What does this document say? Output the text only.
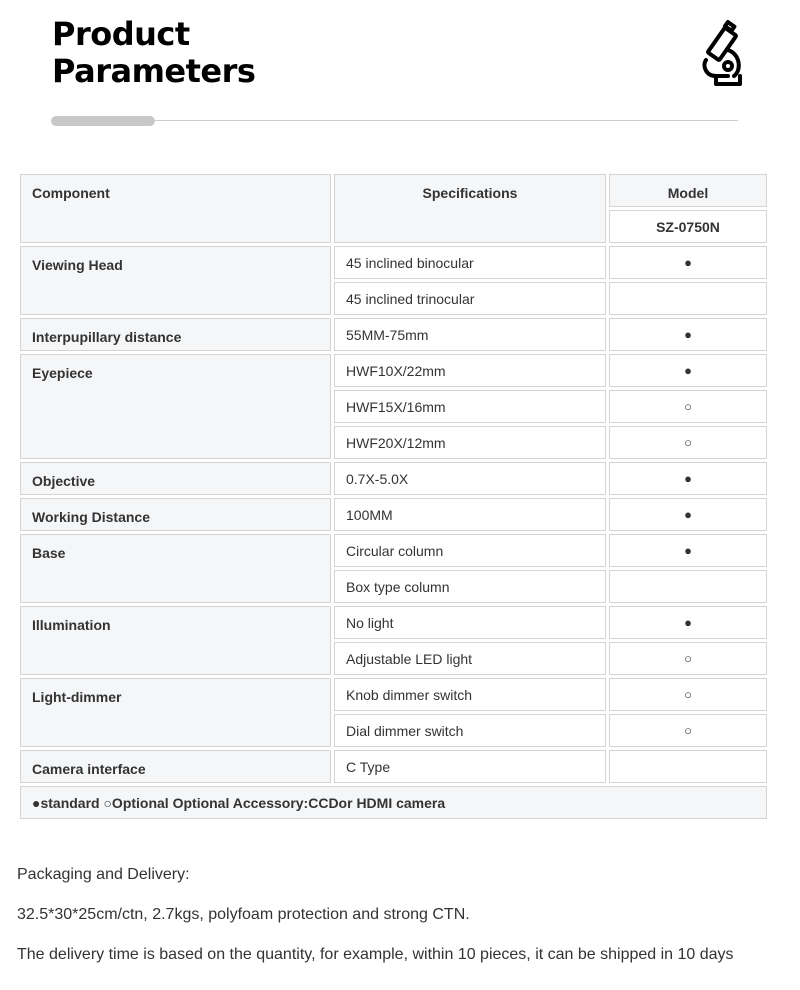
Product
Parameters
Component	Specifications	Model
		SZ-0750N
Viewing Head	45 inclined binocular	●
	45 inclined trinocular	
Interpupillary distance	55MM-75mm	●
Eyepiece	HWF10X/22mm	●
	HWF15X/16mm	○
	HWF20X/12mm	○
Objective	0.7X-5.0X	●
Working Distance	100MM	●
Base	Circular column	●
	Box type column	
Illumination	No light	●
	Adjustable LED light	○
Light-dimmer	Knob dimmer switch	○
	Dial dimmer switch	○
Camera interface	C Type	
●standard ○Optional Optional Accessory:CCDor HDMI camera		

Packaging and Delivery:

32.5*30*25cm/ctn, 2.7kgs, polyfoam protection and strong CTN.

The delivery time is based on the quantity, for example, within 10 pieces, it can be shipped in 10 days
